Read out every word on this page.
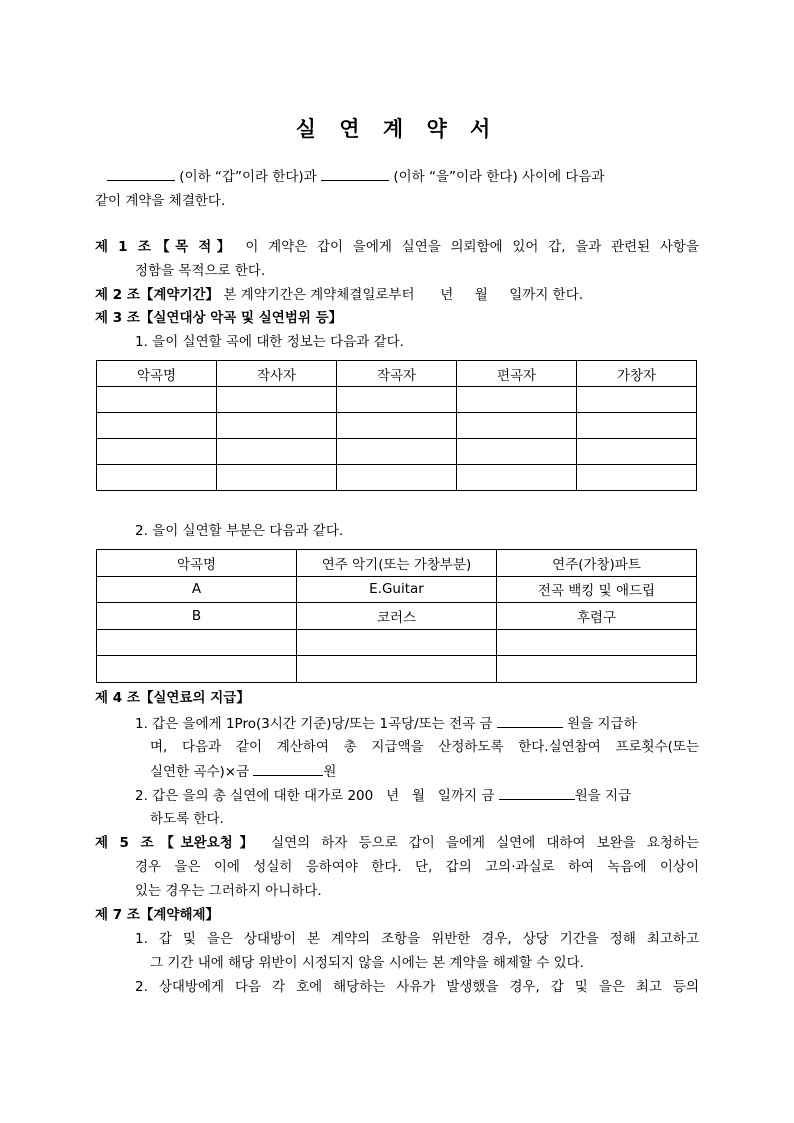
실 연 계 약 서
(이하 “갑”이라 한다)과	(이하 “을”이라 한다) 사이에 다음과
같이 계약을 체결한다.
제 1 조【목 적】 이 계약은 갑이 을에게 실연을 의뢰함에 있어 갑, 을과 관련된 사항을
정함을 목적으로 한다.
제 2 조【계약기간】 본 계약기간은 계약체결일로부터      년     월     일까지 한다.
제 3 조【실연대상 악곡 및 실연범위 등】
1. 을이 실연할 곡에 대한 정보는 다음과 같다.
악곡명	작사자	작곡자	편곡자	가창자

2. 을이 실연할 부분은 다음과 같다.
악곡명	연주 악기(또는 가창부분)	연주(가창)파트
A	E.Guitar	전곡 백킹 및 애드립
B	코러스	후렴구

제 4 조【실연료의 지급】
1. 갑은 을에게 1Pro(3시간 기준)당/또는 1곡당/또는 전곡 금	원을 지급하
며, 다음과 같이 계산하여 총 지급액을 산정하도록 한다.실연참여 프로횟수(또는
실연한 곡수)×금	원
2. 갑은 을의 총 실연에 대한 대가로 200   년   월   일까지 금	원을 지급
하도록 한다.
제 5 조【보완요청】 실연의 하자 등으로 갑이 을에게 실연에 대하여 보완을 요청하는
경우 을은 이에 성실히 응하여야 한다. 단, 갑의 고의·과실로 하여 녹음에 이상이
있는 경우는 그러하지 아니하다.
제 7 조【계약해제】
1. 갑 및 을은 상대방이 본 계약의 조항을 위반한 경우, 상당 기간을 정해 최고하고
그 기간 내에 해당 위반이 시정되지 않을 시에는 본 계약을 해제할 수 있다.
2. 상대방에게 다음 각 호에 해당하는 사유가 발생했을 경우, 갑 및 을은 최고 등의
